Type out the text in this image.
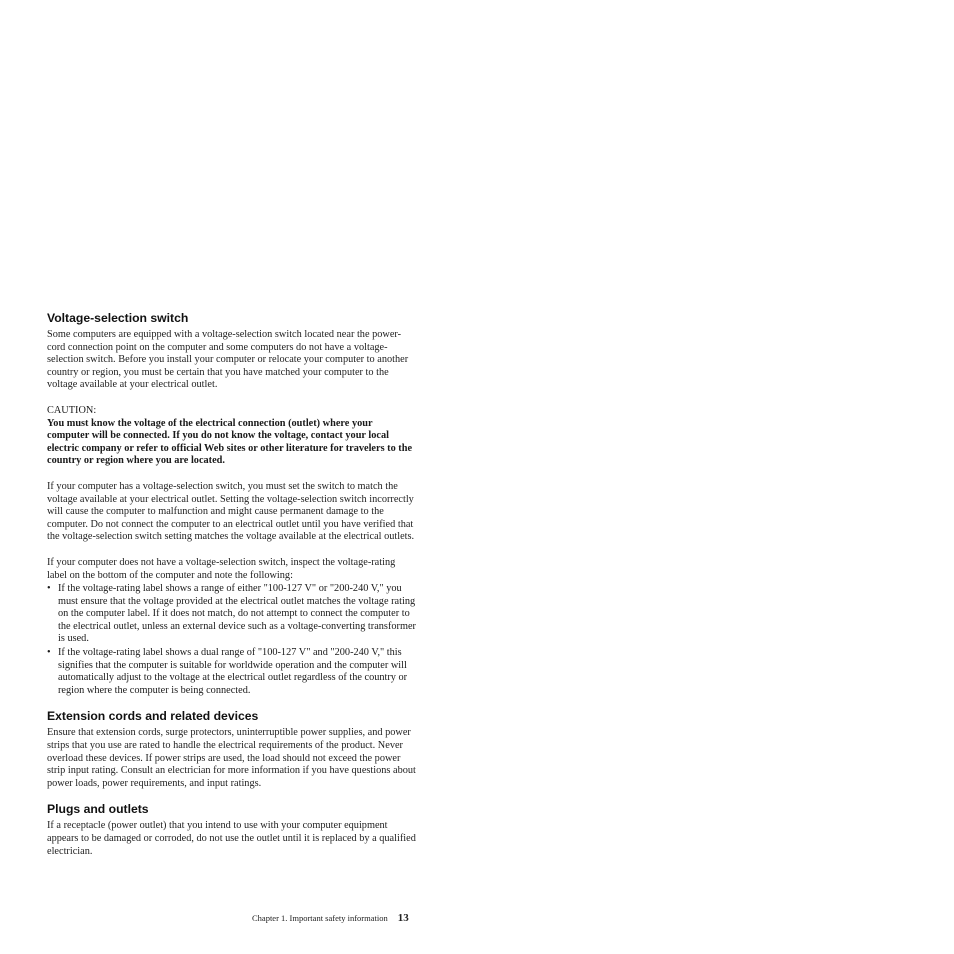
Voltage-selection switch

Some computers are equipped with a voltage-selection switch located near the power-cord connection point on the computer and some computers do not have a voltage-selection switch. Before you install your computer or relocate your computer to another country or region, you must be certain that you have matched your computer to the voltage available at your electrical outlet.

CAUTION:

You must know the voltage of the electrical connection (outlet) where your computer will be connected. If you do not know the voltage, contact your local electric company or refer to official Web sites or other literature for travelers to the country or region where you are located.

If your computer has a voltage-selection switch, you must set the switch to match the voltage available at your electrical outlet. Setting the voltage-selection switch incorrectly will cause the computer to malfunction and might cause permanent damage to the computer. Do not connect the computer to an electrical outlet until you have verified that the voltage-selection switch setting matches the voltage available at the electrical outlets.

If your computer does not have a voltage-selection switch, inspect the voltage-rating label on the bottom of the computer and note the following:

• If the voltage-rating label shows a range of either "100-127 V" or "200-240 V," you must ensure that the voltage provided at the electrical outlet matches the voltage rating on the computer label. If it does not match, do not attempt to connect the computer to the electrical outlet, unless an external device such as a voltage-converting transformer is used.
• If the voltage-rating label shows a dual range of "100-127 V" and "200-240 V," this signifies that the computer is suitable for worldwide operation and the computer will automatically adjust to the voltage at the electrical outlet regardless of the country or region where the computer is being connected.
Extension cords and related devices

Ensure that extension cords, surge protectors, uninterruptible power supplies, and power strips that you use are rated to handle the electrical requirements of the product. Never overload these devices. If power strips are used, the load should not exceed the power strip input rating. Consult an electrician for more information if you have questions about power loads, power requirements, and input ratings.

Plugs and outlets

If a receptacle (power outlet) that you intend to use with your computer equipment appears to be damaged or corroded, do not use the outlet until it is replaced by a qualified electrician.

Chapter 1. Important safety information 13
